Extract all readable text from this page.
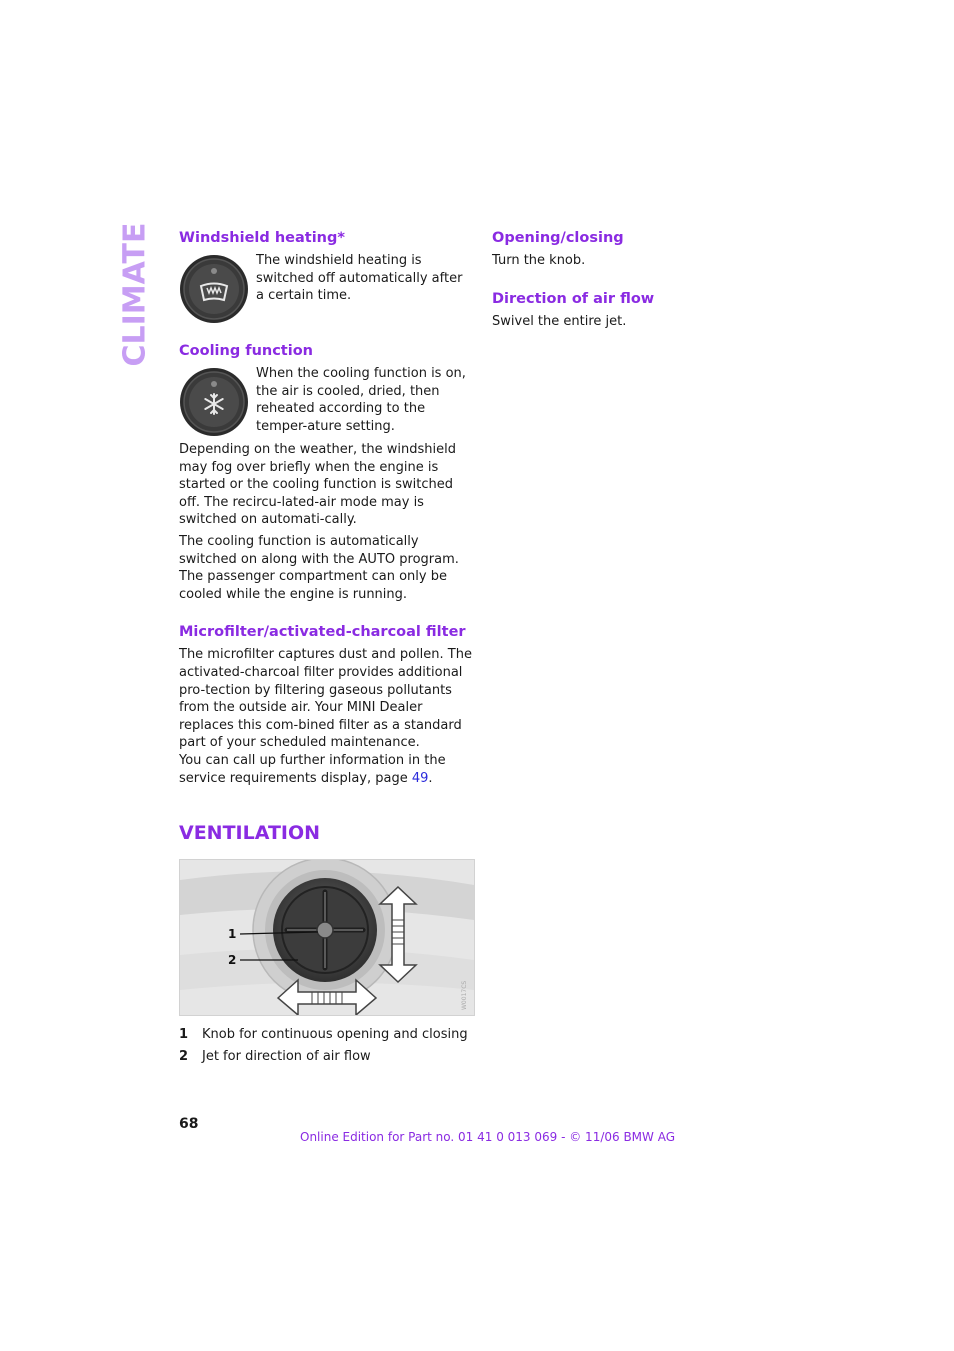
CLIMATE Windshield heating*

The windshield heating is switched off automatically after a certain time.

Cooling function

When the cooling function is on, the air is cooled, dried, then reheated according to the temper-ature setting.

Depending on the weather, the windshield may fog over briefly when the engine is started or the cooling function is switched off. The recircu-lated-air mode may is switched on automati-cally.

The cooling function is automatically switched on along with the AUTO program. The passenger compartment can only be cooled while the engine is running.

Microfilter/activated-charcoal filter

The microfilter captures dust and pollen. The activated-charcoal filter provides additional pro-tection by filtering gaseous pollutants from the outside air. Your MINI Dealer replaces this com-bined filter as a standard part of your scheduled maintenance.

You can call up further information in the service requirements display, page 49.

VENTILATION
1
2
W0017CS
1	Knob for continuous opening and closing
2	Jet for direction of air flow
Opening/closing

Turn the knob.

Direction of air flow

Swivel the entire jet.

68
Online Edition for Part no. 01 41 0 013 069 - © 11/06 BMW AG
